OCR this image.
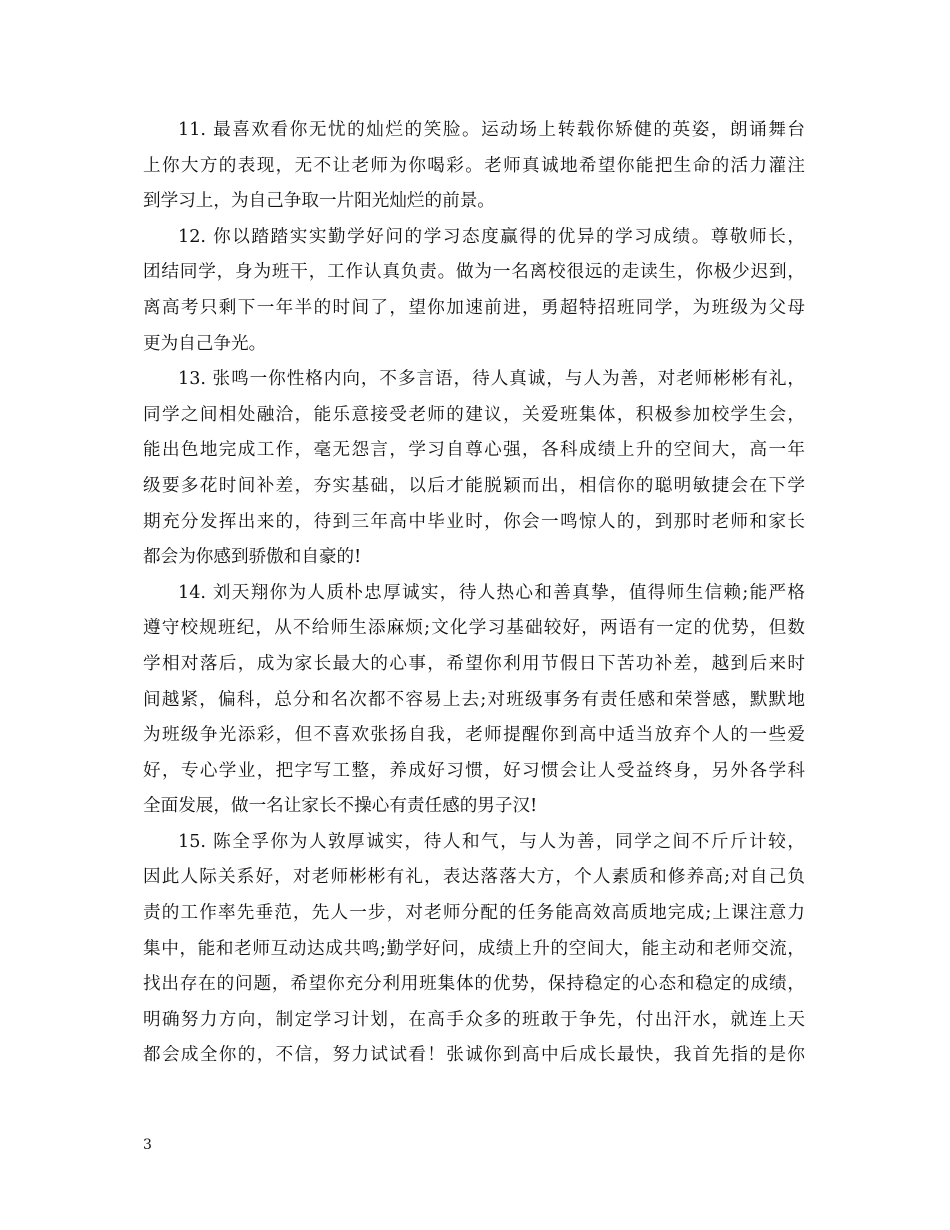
11. 最喜欢看你无忧的灿烂的笑脸。运动场上转载你矫健的英姿，朗诵舞台
上你大方的表现，无不让老师为你喝彩。老师真诚地希望你能把生命的活力灌注
到学习上，为自己争取一片阳光灿烂的前景。
12. 你以踏踏实实勤学好问的学习态度赢得的优异的学习成绩。尊敬师长，
团结同学，身为班干，工作认真负责。做为一名离校很远的走读生，你极少迟到，
离高考只剩下一年半的时间了，望你加速前进，勇超特招班同学，为班级为父母
更为自己争光。
13. 张鸣一你性格内向，不多言语，待人真诚，与人为善，对老师彬彬有礼，
同学之间相处融洽，能乐意接受老师的建议，关爱班集体，积极参加校学生会，
能出色地完成工作，毫无怨言，学习自尊心强，各科成绩上升的空间大，高一年
级要多花时间补差，夯实基础，以后才能脱颖而出，相信你的聪明敏捷会在下学
期充分发挥出来的，待到三年高中毕业时，你会一鸣惊人的，到那时老师和家长
都会为你感到骄傲和自豪的!
14. 刘天翔你为人质朴忠厚诚实，待人热心和善真挚，值得师生信赖;能严格
遵守校规班纪，从不给师生添麻烦;文化学习基础较好，两语有一定的优势，但数
学相对落后，成为家长最大的心事，希望你利用节假日下苦功补差，越到后来时
间越紧，偏科，总分和名次都不容易上去;对班级事务有责任感和荣誉感，默默地
为班级争光添彩，但不喜欢张扬自我，老师提醒你到高中适当放弃个人的一些爱
好，专心学业，把字写工整，养成好习惯，好习惯会让人受益终身，另外各学科
全面发展，做一名让家长不操心有责任感的男子汉!
15. 陈全孚你为人敦厚诚实，待人和气，与人为善，同学之间不斤斤计较，
因此人际关系好，对老师彬彬有礼，表达落落大方，个人素质和修养高;对自己负
责的工作率先垂范，先人一步，对老师分配的任务能高效高质地完成;上课注意力
集中，能和老师互动达成共鸣;勤学好问，成绩上升的空间大，能主动和老师交流，
找出存在的问题，希望你充分利用班集体的优势，保持稳定的心态和稳定的成绩，
明确努力方向，制定学习计划，在高手众多的班敢于争先，付出汗水，就连上天
都会成全你的，不信，努力试试看！张诚你到高中后成长最快，我首先指的是你
3
